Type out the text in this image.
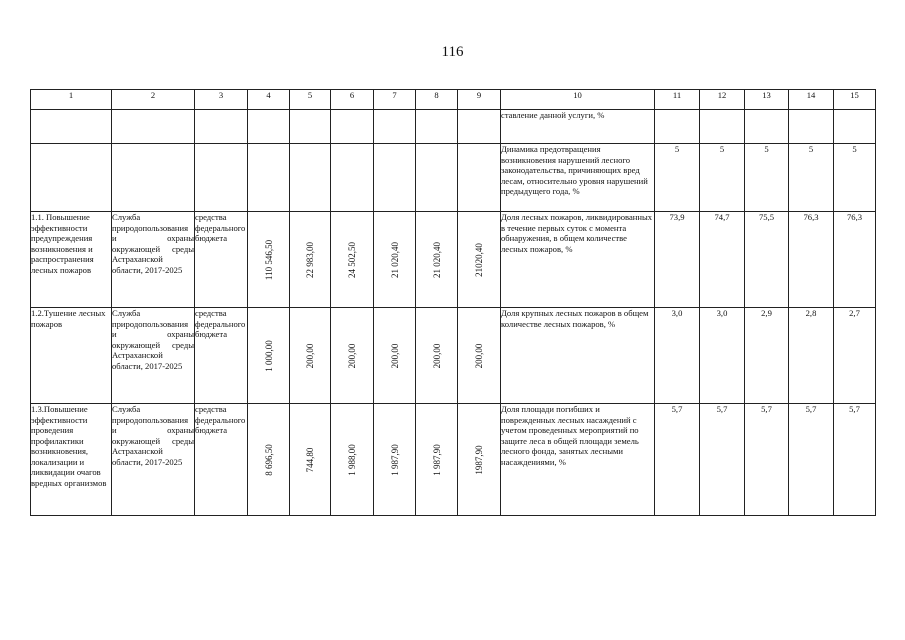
116
1	2	3	4	5	6	7	8	9	10	11	12	13	14	15

									ставление данной услуги, %					

									Динамика предотвращения возникновения нарушений лесного законодательства, причиняющих вред лесам, относительно уровня нарушений предыдущего года, %	5	5	5	5	5

1.1. Повышение эффективности предупреждения возникновения и распространения лесных пожаров	Служба природопользования и охраны окружающей среды Астраханской области, 2017-2025	средства федерального бюджета	110 546,50	22 983,00	24 502,50	21 020,40	21 020,40	21020,40	Доля лесных пожаров, ликвидированных в течение первых суток с момента обнаружения, в общем количестве лесных пожаров, %	73,9	74,7	75,5	76,3	76,3

1.2.Тушение лесных пожаров	Служба природопользования и охраны окружающей среды Астраханской области, 2017-2025	средства федерального бюджета	1 000,00	200,00	200,00	200,00	200,00	200,00	Доля крупных лесных пожаров в общем количестве лесных пожаров, %	3,0	3,0	2,9	2,8	2,7

1.3.Повышение эффективности проведения профилактики возникновения, локализации и ликвидации очагов вредных организмов	Служба природопользования и охраны окружающей среды Астраханской области, 2017-2025	средства федерального бюджета	8 696,50	744,80	1 988,00	1 987,90	1 987,90	1987,90	Доля площади погибших и поврежденных лесных насаждений с учетом проведенных мероприятий по защите леса в общей площади земель лесного фонда, занятых лесными насаждениями, %	5,7	5,7	5,7	5,7	5,7
